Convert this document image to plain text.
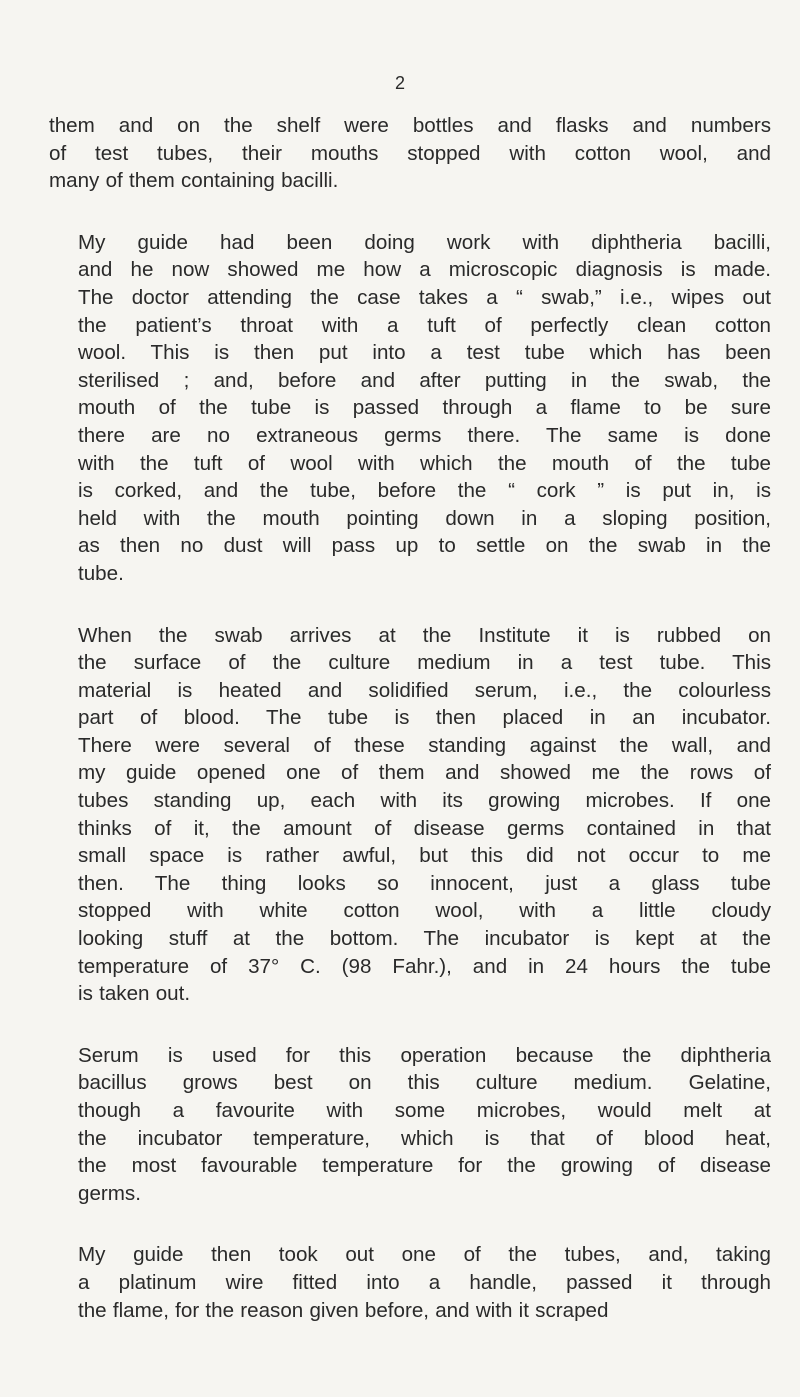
2

them and on the shelf were bottles and flasks and numbers
of test tubes, their mouths stopped with cotton wool, and
many of them containing bacilli.

My guide had been doing work with diphtheria bacilli,
and he now showed me how a microscopic diagnosis is made.
The doctor attending the case takes a “ swab,” i.e., wipes out
the patient’s throat with a tuft of perfectly clean cotton
wool. This is then put into a test tube which has been
sterilised ; and, before and after putting in the swab, the
mouth of the tube is passed through a flame to be sure
there are no extraneous germs there. The same is done
with the tuft of wool with which the mouth of the tube
is corked, and the tube, before the “ cork ” is put in, is
held with the mouth pointing down in a sloping position,
as then no dust will pass up to settle on the swab in the
tube.

When the swab arrives at the Institute it is rubbed on
the surface of the culture medium in a test tube. This
material is heated and solidified serum, i.e., the colourless
part of blood. The tube is then placed in an incubator.
There were several of these standing against the wall, and
my guide opened one of them and showed me the rows of
tubes standing up, each with its growing microbes. If one
thinks of it, the amount of disease germs contained in that
small space is rather awful, but this did not occur to me
then. The thing looks so innocent, just a glass tube
stopped with white cotton wool, with a little cloudy
looking stuff at the bottom. The incubator is kept at the
temperature of 37° C. (98 Fahr.), and in 24 hours the tube
is taken out.

Serum is used for this operation because the diphtheria
bacillus grows best on this culture medium. Gelatine,
though a favourite with some microbes, would melt at
the incubator temperature, which is that of blood heat,
the most favourable temperature for the growing of disease
germs.

My guide then took out one of the tubes, and, taking
a platinum wire fitted into a handle, passed it through
the flame, for the reason given before, and with it scraped
